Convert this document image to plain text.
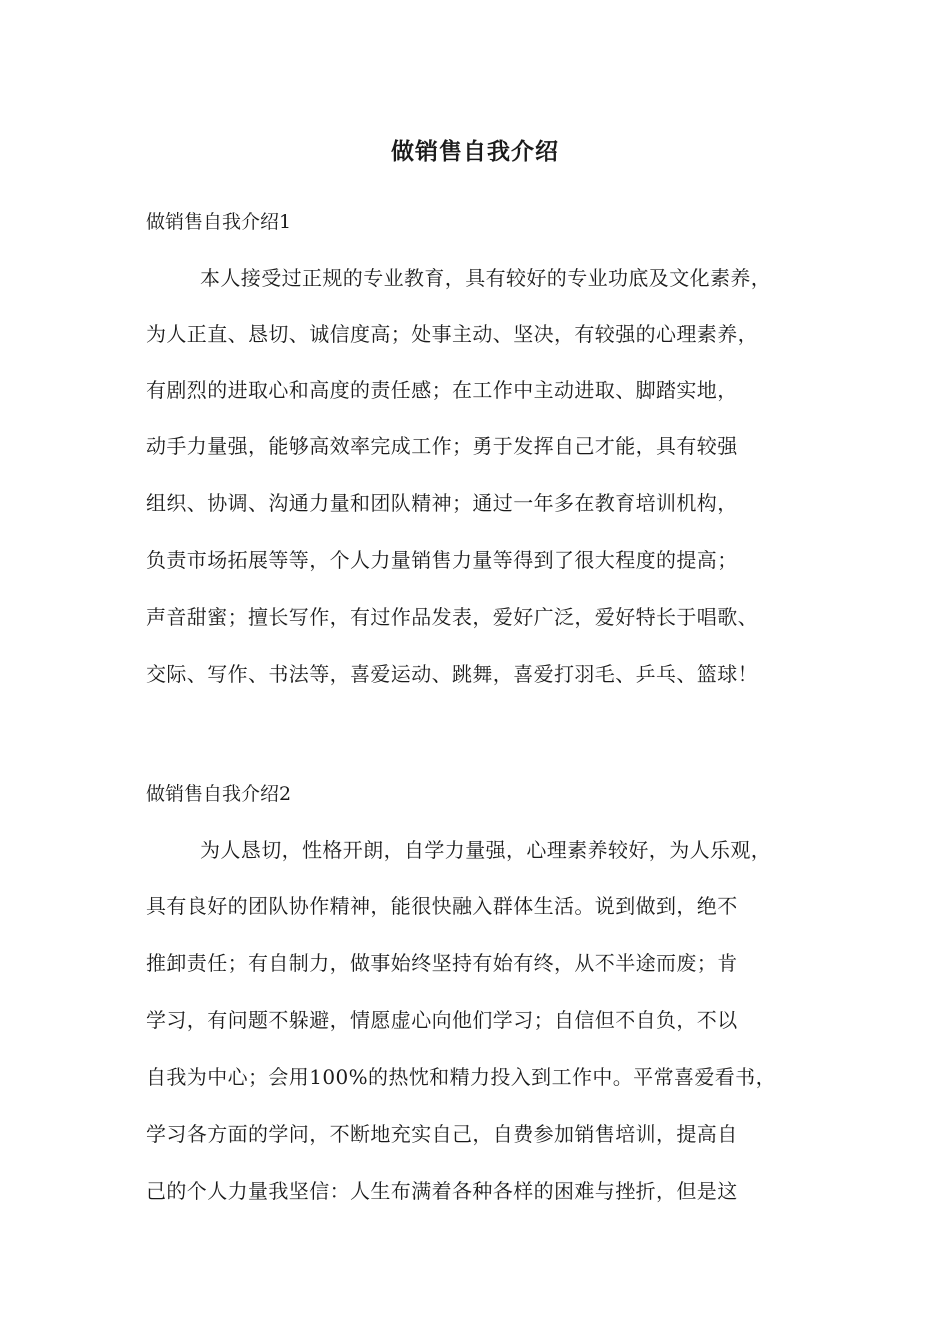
做销售自我介绍
做销售自我介绍1
本人接受过正规的专业教育，具有较好的专业功底及文化素养，
为人正直、恳切、诚信度高；处事主动、坚决，有较强的心理素养，
有剧烈的进取心和高度的责任感；在工作中主动进取、脚踏实地，
动手力量强，能够高效率完成工作；勇于发挥自己才能，具有较强
组织、协调、沟通力量和团队精神；通过一年多在教育培训机构，
负责市场拓展等等，个人力量销售力量等得到了很大程度的提高；
声音甜蜜；擅长写作，有过作品发表，爱好广泛，爱好特长于唱歌、
交际、写作、书法等，喜爱运动、跳舞，喜爱打羽毛、乒乓、篮球！
做销售自我介绍2
为人恳切，性格开朗，自学力量强，心理素养较好，为人乐观，
具有良好的团队协作精神，能很快融入群体生活。说到做到，绝不
推卸责任；有自制力，做事始终坚持有始有终，从不半途而废；肯
学习，有问题不躲避，情愿虚心向他们学习；自信但不自负，不以
自我为中心；会用100%的热忱和精力投入到工作中。平常喜爱看书，
学习各方面的学问，不断地充实自己，自费参加销售培训，提高自
己的个人力量我坚信：人生布满着各种各样的困难与挫折，但是这
